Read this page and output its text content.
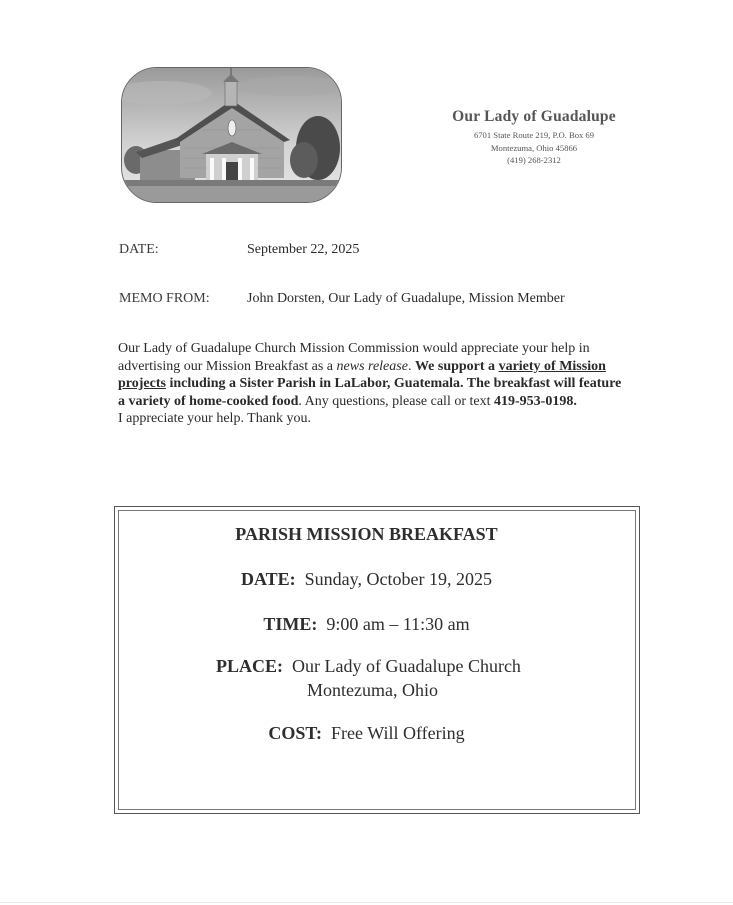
Our Lady of Guadalupe
6701 State Route 219, P.O. Box 69
Montezuma, Ohio 45866
(419) 268-2312
DATE:	September 22, 2025
MEMO FROM:	John Dorsten, Our Lady of Guadalupe, Mission Member

Our Lady of Guadalupe Church Mission Commission would appreciate your help in advertising our Mission Breakfast as a news release. We support a variety of Mission projects including a Sister Parish in LaLabor, Guatemala. The breakfast will feature a variety of home-cooked food. Any questions, please call or text 419-953-0198.

I appreciate your help. Thank you.

PARISH MISSION BREAKFAST
DATE: Sunday, October 19, 2025
TIME: 9:00 am – 11:30 am
PLACE: Our Lady of Guadalupe Church
Montezuma, Ohio
COST: Free Will Offering
